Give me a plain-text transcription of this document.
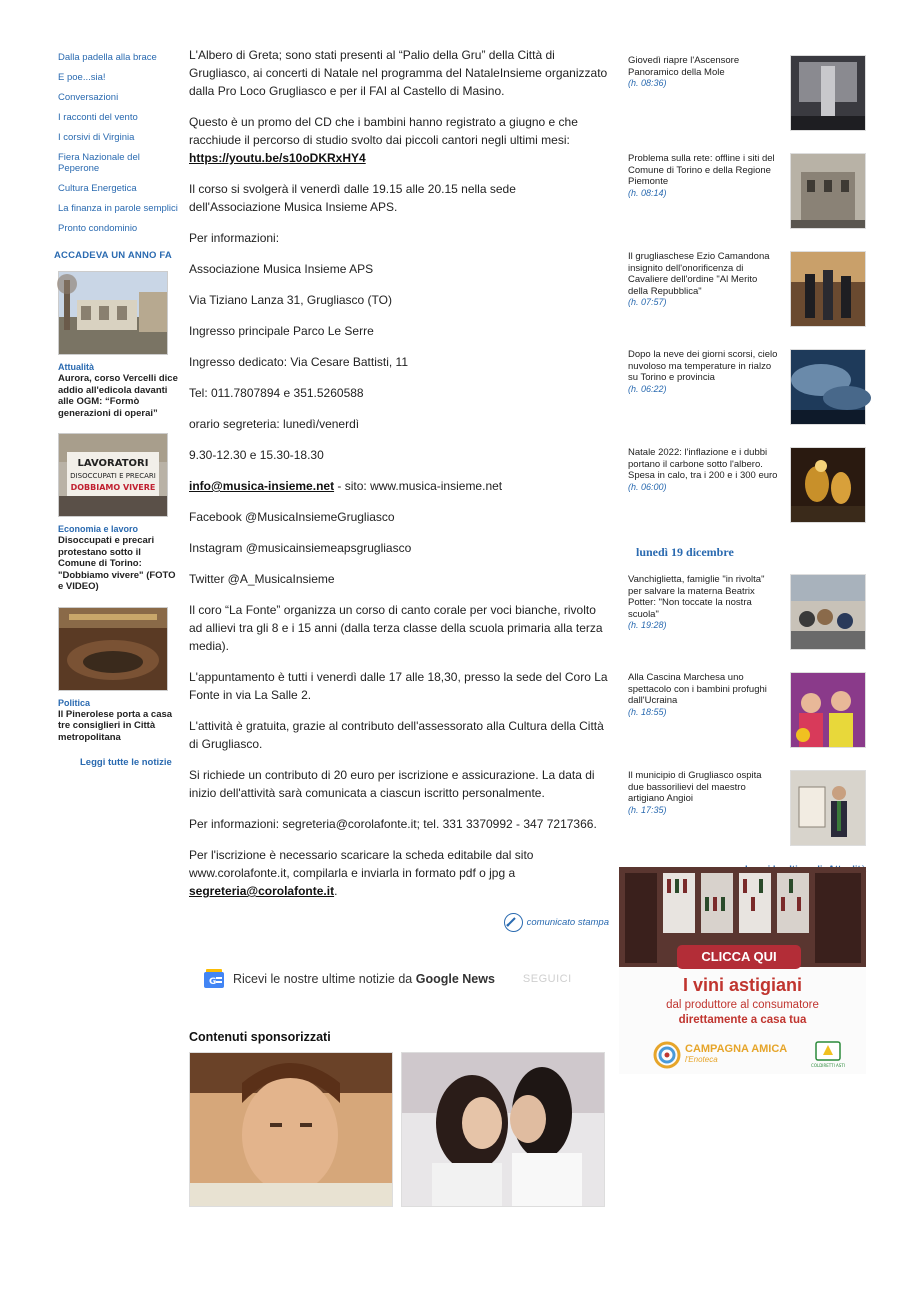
Dalla padella alla brace
E poe...sia!
Conversazioni
I racconti del vento
I corsivi di Virginia
Fiera Nazionale del Peperone
Cultura Energetica
La finanza in parole semplici
Pronto condominio
ACCADEVA UN ANNO FA
Attualità
Aurora, corso Vercelli dice addio all'edicola davanti alle OGM: “Formò generazioni di operai”
LAVORATORI
DISOCCUPATI E PRECARI
DOBBIAMO VIVERE
Economia e lavoro
Disoccupati e precari protestano sotto il Comune di Torino: "Dobbiamo vivere" (FOTO e VIDEO)
Politica
Il Pinerolese porta a casa tre consiglieri in Città metropolitana
Leggi tutte le notizie

L'Albero di Greta; sono stati presenti al “Palio della Gru” della Città di Grugliasco, ai concerti di Natale nel programma del NataleInsieme organizzato dalla Pro Loco Grugliasco e per il FAI al Castello di Masino.

Questo è un promo del CD che i bambini hanno registrato a giugno e che racchiude il percorso di studio svolto dai piccoli cantori negli ultimi mesi:
https://youtu.be/s10oDKRxHY4

Il corso si svolgerà il venerdì dalle 19.15 alle 20.15 nella sede dell'Associazione Musica Insieme APS.

Per informazioni:

Associazione Musica Insieme APS

Via Tiziano Lanza 31, Grugliasco (TO)

Ingresso principale Parco Le Serre

Ingresso dedicato: Via Cesare Battisti, 11

Tel: 011.7807894 e 351.5260588

orario segreteria: lunedì/venerdì

9.30-12.30 e 15.30-18.30

info@musica-insieme.net - sito: www.musica-insieme.net

Facebook @MusicaInsiemeGrugliasco

Instagram @musicainsiemeapsgrugliasco

Twitter @A_MusicaInsieme

Il coro “La Fonte” organizza un corso di canto corale per voci bianche, rivolto ad allievi tra gli 8 e i 15 anni (dalla terza classe della scuola primaria alla terza media).

L'appuntamento è tutti i venerdì dalle 17 alle 18,30, presso la sede del Coro La Fonte in via La Salle 2.

L'attività è gratuita, grazie al contributo dell'assessorato alla Cultura della Città di Grugliasco.

Si richiede un contributo di 20 euro per iscrizione e assicurazione. La data di inizio dell'attività sarà comunicata a ciascun iscritto personalmente.

Per informazioni: segreteria@corolafonte.it; tel. 331 3370992 - 347 7217366.

Per l'iscrizione è necessario scaricare la scheda editabile dal sito www.corolafonte.it, compilarla e inviarla in formato pdf o jpg a segreteria@corolafonte.it.

comunicato stampa
G Ricevi le nostre ultime notizie da Google News	SEGUICI
Contenuti sponsorizzati
Giovedì riapre l'Ascensore Panoramico della Mole
(h. 08:36)
Problema sulla rete: offline i siti del Comune di Torino e della Regione Piemonte
(h. 08:14)
Il grugliaschese Ezio Camandona insignito dell'onorificenza di Cavaliere dell'ordine "Al Merito della Repubblica"
(h. 07:57)
Dopo la neve dei giorni scorsi, cielo nuvoloso ma temperature in rialzo su Torino e provincia
(h. 06:22)
Natale 2022: l'inflazione e i dubbi portano il carbone sotto l'albero. Spesa in calo, tra i 200 e i 300 euro
(h. 06:00)
lunedì 19 dicembre
Vanchiglietta, famiglie "in rivolta" per salvare la materna Beatrix Potter: "Non toccate la nostra scuola"
(h. 19:28)
Alla Cascina Marchesa uno spettacolo con i bambini profughi dall'Ucraina
(h. 18:55)
Il municipio di Grugliasco ospita due bassorilievi del maestro artigiano Angioi
(h. 17:35)
CLICCA QUI
I vini astigiani
dal produttore al consumatore
direttamente a casa tua
CAMPAGNA AMICA
l'Enoteca
COLDIRETTI ASTI
